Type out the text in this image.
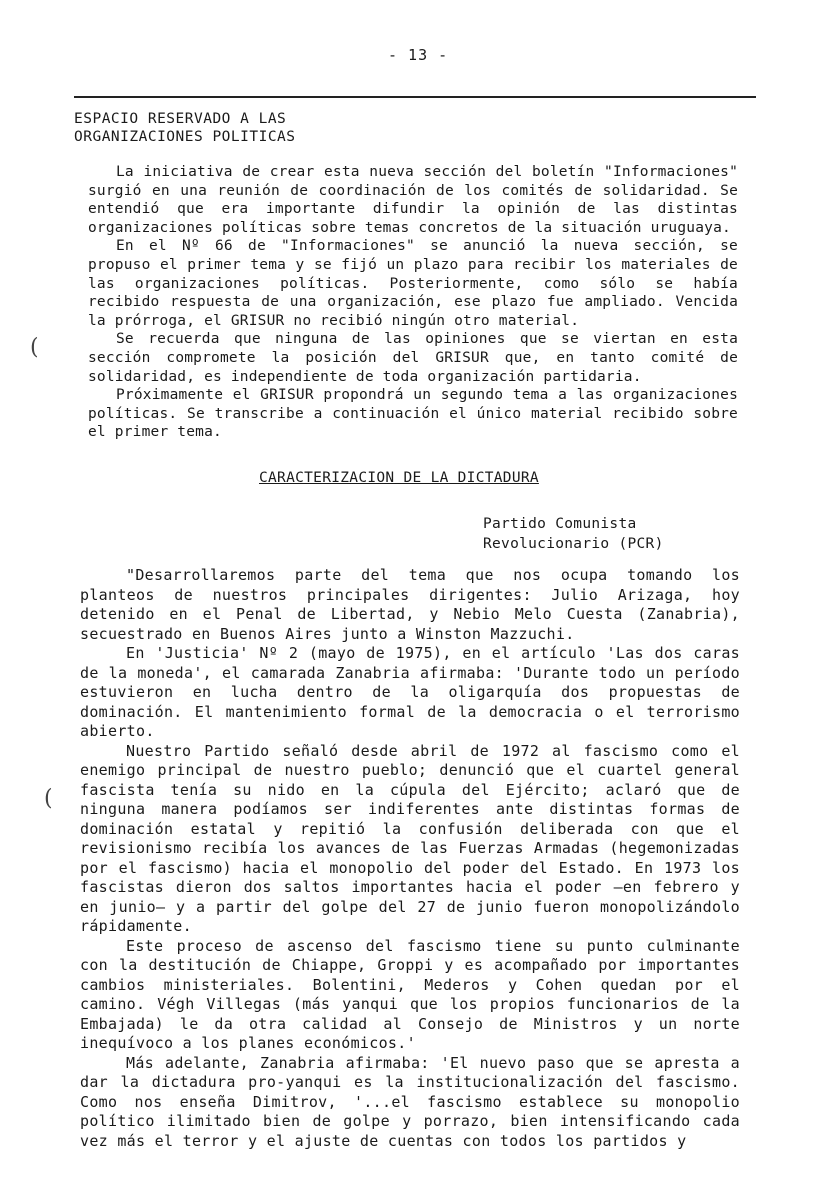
- 13 -
ESPACIO RESERVADO A LAS
ORGANIZACIONES POLITICAS

La iniciativa de crear esta nueva sección del boletín "Informaciones" surgió en una reunión de coordinación de los comités de solidaridad. Se entendió que era importante difundir la opinión de las distintas organizaciones políticas sobre temas concretos de la situación uruguaya.

En el Nº 66 de "Informaciones" se anunció la nueva sección, se propuso el primer tema y se fijó un plazo para recibir los materiales de las organizaciones políticas. Posteriormente, como sólo se había recibido respuesta de una organización, ese plazo fue ampliado. Vencida la prórroga, el GRISUR no recibió ningún otro material.

Se recuerda que ninguna de las opiniones que se viertan en esta sección compromete la posición del GRISUR que, en tanto comité de solidaridad, es independiente de toda organización partidaria.

Próximamente el GRISUR propondrá un segundo tema a las organizaciones políticas. Se transcribe a continuación el único material recibido sobre el primer tema.

CARACTERIZACION DE LA DICTADURA
Partido Comunista
Revolucionario (PCR)

"Desarrollaremos parte del tema que nos ocupa tomando los planteos de nuestros principales dirigentes: Julio Arizaga, hoy detenido en el Penal de Libertad, y Nebio Melo Cuesta (Zanabria), secuestrado en Buenos Aires junto a Winston Mazzuchi.

En 'Justicia' Nº 2 (mayo de 1975), en el artículo 'Las dos caras de la moneda', el camarada Zanabria afirmaba: 'Durante todo un período estuvieron en lucha dentro de la oligarquía dos propuestas de dominación. El mantenimiento formal de la democracia o el terrorismo abierto.

Nuestro Partido señaló desde abril de 1972 al fascismo como el enemigo principal de nuestro pueblo; denunció que el cuartel general fascista tenía su nido en la cúpula del Ejército; aclaró que de ninguna manera podíamos ser indiferentes ante distintas formas de dominación estatal y repitió la confusión deliberada con que el revisionismo recibía los avances de las Fuerzas Armadas (hegemonizadas por el fascismo) hacia el monopolio del poder del Estado. En 1973 los fascistas dieron dos saltos importantes hacia el poder —en febrero y en junio— y a partir del golpe del 27 de junio fueron monopolizándolo rápidamente.

Este proceso de ascenso del fascismo tiene su punto culminante con la destitución de Chiappe, Groppi y es acompañado por importantes cambios ministeriales. Bolentini, Mederos y Cohen quedan por el camino. Végh Villegas (más yanqui que los propios funcionarios de la Embajada) le da otra calidad al Consejo de Ministros y un norte inequívoco a los planes económicos.'

Más adelante, Zanabria afirmaba: 'El nuevo paso que se apresta a dar la dictadura pro-yanqui es la institucionalización del fascismo. Como nos enseña Dimitrov, '...el fascismo establece su monopolio político ilimitado bien de golpe y porrazo, bien intensificando cada vez más el terror y el ajuste de cuentas con todos los partidos y

(
(
